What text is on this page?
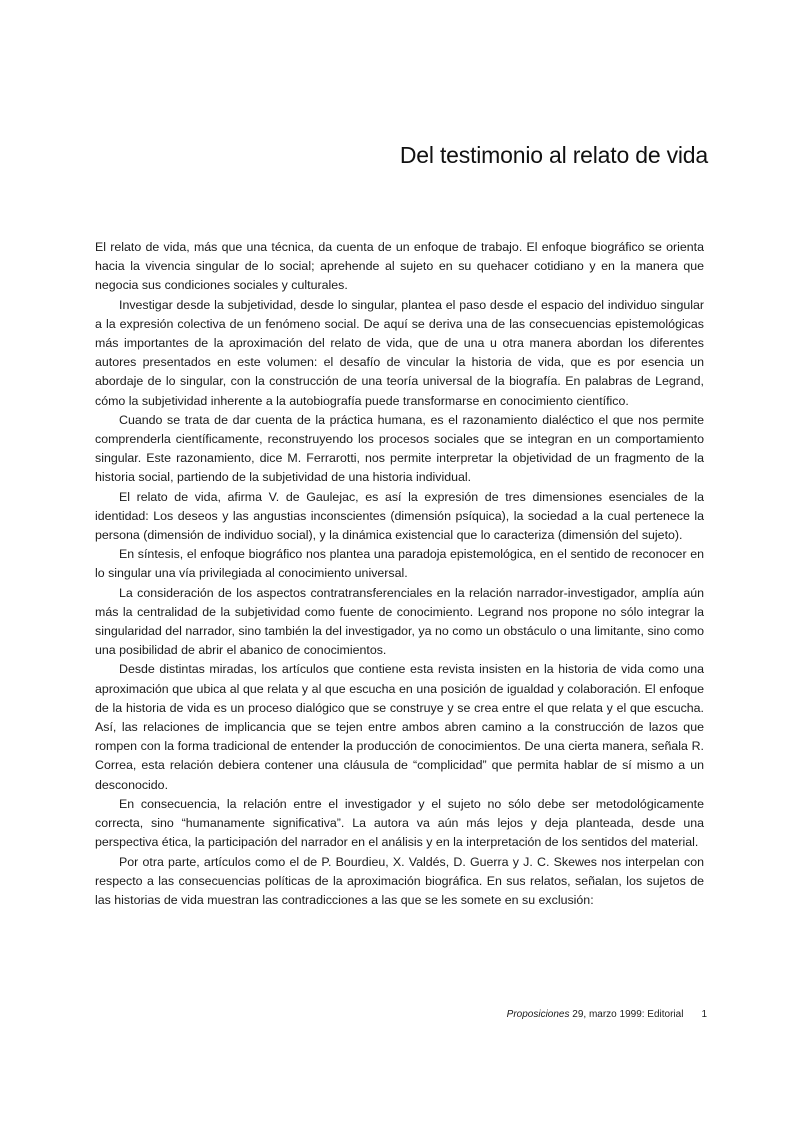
Del testimonio al relato de vida

El relato de vida, más que una técnica, da cuenta de un enfoque de trabajo. El enfoque biográfico se orienta hacia la vivencia singular de lo social; aprehende al sujeto en su quehacer cotidiano y en la manera que negocia sus condiciones sociales y culturales.

Investigar desde la subjetividad, desde lo singular, plantea el paso desde el espacio del individuo singular a la expresión colectiva de un fenómeno social. De aquí se deriva una de las consecuencias epistemológicas más importantes de la aproximación del relato de vida, que de una u otra manera abordan los diferentes autores presentados en este volumen: el desafío de vincular la historia de vida, que es por esencia un abordaje de lo singular, con la construcción de una teoría universal de la biografía. En palabras de Legrand, cómo la subjetividad inherente a la autobiografía puede transformarse en conocimiento científico.

Cuando se trata de dar cuenta de la práctica humana, es el razonamiento dialéctico el que nos permite comprenderla científicamente, reconstruyendo los procesos sociales que se integran en un comportamiento singular. Este razonamiento, dice M. Ferrarotti, nos permite interpretar la objetividad de un fragmento de la historia social, partiendo de la subjetividad de una historia individual.

El relato de vida, afirma V. de Gaulejac, es así la expresión de tres dimensiones esenciales de la identidad: Los deseos y las angustias inconscientes (dimensión psíquica), la sociedad a la cual pertenece la persona (dimensión de individuo social), y la dinámica existencial que lo caracteriza (dimensión del sujeto).

En síntesis, el enfoque biográfico nos plantea una paradoja epistemológica, en el sentido de reconocer en lo singular una vía privilegiada al conocimiento universal.

La consideración de los aspectos contratransferenciales en la relación narrador-investigador, amplía aún más la centralidad de la subjetividad como fuente de conocimiento. Legrand nos propone no sólo integrar la singularidad del narrador, sino también la del investigador, ya no como un obstáculo o una limitante, sino como una posibilidad de abrir el abanico de conocimientos.

Desde distintas miradas, los artículos que contiene esta revista insisten en la historia de vida como una aproximación que ubica al que relata y al que escucha en una posición de igualdad y colaboración. El enfoque de la historia de vida es un proceso dialógico que se construye y se crea entre el que relata y el que escucha. Así, las relaciones de implicancia que se tejen entre ambos abren camino a la construcción de lazos que rompen con la forma tradicional de entender la producción de conocimientos. De una cierta manera, señala R. Correa, esta relación debiera contener una cláusula de “complicidad” que permita hablar de sí mismo a un desconocido.

En consecuencia, la relación entre el investigador y el sujeto no sólo debe ser metodológicamente correcta, sino “humanamente significativa”. La autora va aún más lejos y deja planteada, desde una perspectiva ética, la participación del narrador en el análisis y en la interpretación de los sentidos del material.

Por otra parte, artículos como el de P. Bourdieu, X. Valdés, D. Guerra y J. C. Skewes nos interpelan con respecto a las consecuencias políticas de la aproximación biográfica. En sus relatos, señalan, los sujetos de las historias de vida muestran las contradicciones a las que se les somete en su exclusión:

Proposiciones 29, marzo 1999: Editorial 1
